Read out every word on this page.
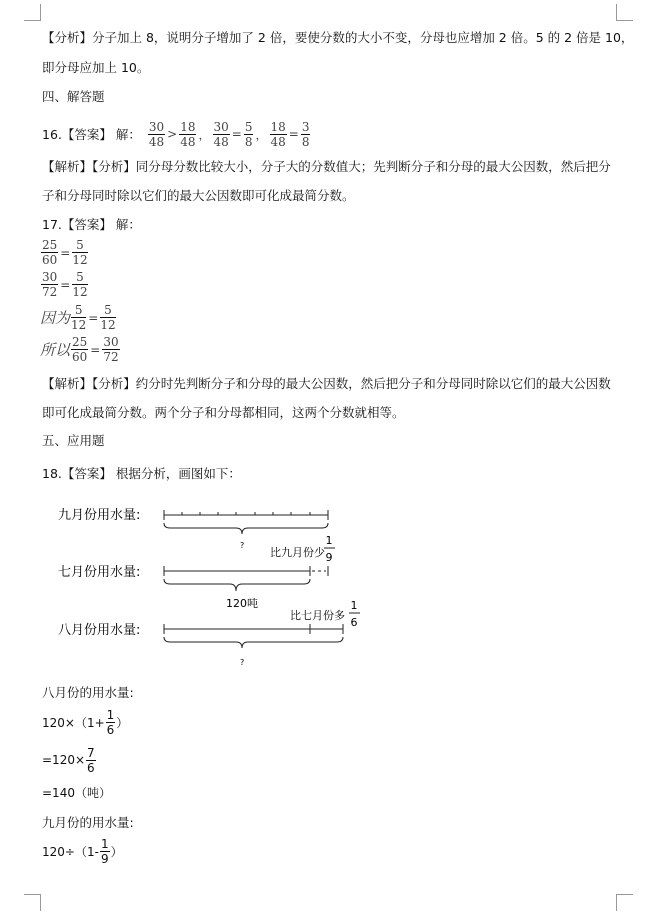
【分析】分子加上 8，说明分子增加了 2 倍，要使分数的大小不变，分母也应增加 2 倍。5 的 2 倍是 10，
即分母应加上 10。
四、解答题
16.【答案】 解： $\frac{30}{48} > \frac{18}{48}$ ， $\frac{30}{48} = \frac{5}{8}$ ， $\frac{18}{48} = \frac{3}{8}$
【解析】【分析】同分母分数比较大小，分子大的分数值大；先判断分子和分母的最大公因数，然后把分
子和分母同时除以它们的最大公因数即可化成最简分数。
17.【答案】 解：
$\frac{25}{60} = \frac{5}{12}$
$\frac{30}{72} = \frac{5}{12}$
因为 $\frac{5}{12} = \frac{5}{12}$
所以 $\frac{25}{60} = \frac{30}{72}$
【解析】【分析】约分时先判断分子和分母的最大公因数，然后把分子和分母同时除以它们的最大公因数
即可化成最简分数。两个分子和分母都相同，这两个分数就相等。
五、应用题
18.【答案】 根据分析，画图如下：
九月份用水量:
?
比九月份少
1
9
七月份用水量:
120吨
比七月份多
1
6
八月份用水量:
?
八月份的用水量:
$120\times(1+ \frac{1}{6}$ ）
$=120\times \frac{7}{6}$
=140（吨）
九月份的用水量:
$120\div(1- \frac{1}{9}$ ）
